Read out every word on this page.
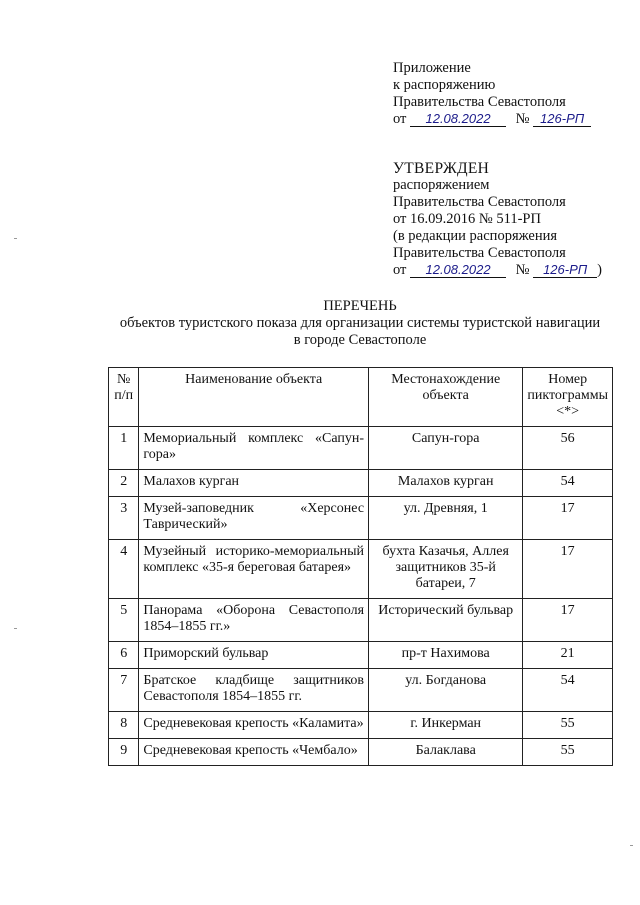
Приложение
к распоряжению
Правительства Севастополя
от 12.08.2022 № 126-РП
УТВЕРЖДЕН
распоряжением
Правительства Севастополя
от 16.09.2016 № 511-РП
(в редакции распоряжения
Правительства Севастополя
от 12.08.2022 № 126-РП )
ПЕРЕЧЕНЬ
объектов туристского показа для организации системы туристской навигации
в городе Севастополе
№
п/п	Наименование объекта	Местонахождение объекта	Номер пиктограммы <*>
1	Мемориальный комплекс «Сапун-гора»	Сапун-гора	56
2	Малахов курган	Малахов курган	54
3	Музей-заповедник «Херсонес Таврический»	ул. Древняя, 1	17
4	Музейный историко-мемориальный комплекс «35-я береговая батарея»	бухта Казачья, Аллея защитников 35-й батареи, 7	17
5	Панорама «Оборона Севастополя 1854–1855 гг.»	Исторический бульвар	17
6	Приморский бульвар	пр-т Нахимова	21
7	Братское кладбище защитников Севастополя 1854–1855 гг.	ул. Богданова	54
8	Средневековая крепость «Каламита»	г. Инкерман	55
9	Средневековая крепость «Чембало»	Балаклава	55
